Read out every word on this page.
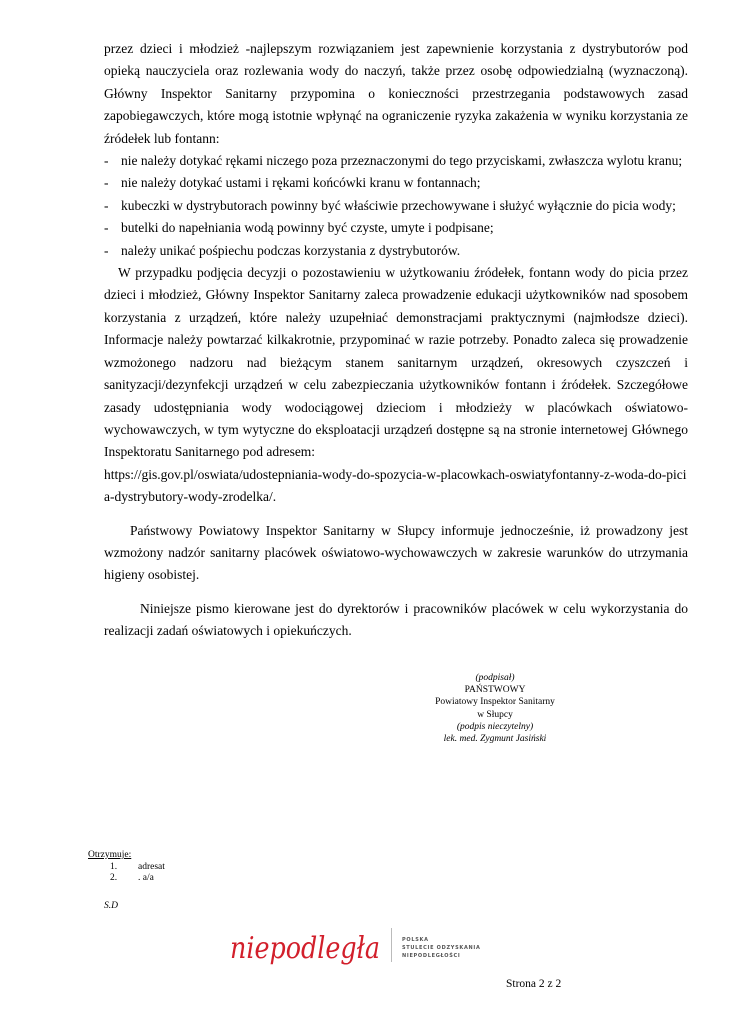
przez dzieci i młodzież -najlepszym rozwiązaniem jest zapewnienie korzystania z dystrybutorów pod opieką nauczyciela oraz rozlewania wody do naczyń, także przez osobę odpowiedzialną (wyznaczoną). Główny Inspektor Sanitarny przypomina o konieczności przestrzegania podstawowych zasad zapobiegawczych, które mogą istotnie wpłynąć na ograniczenie ryzyka zakażenia w wyniku korzystania ze źródełek lub fontann:

- nie należy dotykać rękami niczego poza przeznaczonymi do tego przyciskami, zwłaszcza wylotu kranu;
- nie należy dotykać ustami i rękami końcówki kranu w fontannach;
- kubeczki w dystrybutorach powinny być właściwie przechowywane i służyć wyłącznie do picia wody;
- butelki do napełniania wodą powinny być czyste, umyte i podpisane;
- należy unikać pośpiechu podczas korzystania z dystrybutorów.

W przypadku podjęcia decyzji o pozostawieniu w użytkowaniu źródełek, fontann wody do picia przez dzieci i młodzież, Główny Inspektor Sanitarny zaleca prowadzenie edukacji użytkowników nad sposobem korzystania z urządzeń, które należy uzupełniać demonstracjami praktycznymi (najmłodsze dzieci). Informacje należy powtarzać kilkakrotnie, przypominać w razie potrzeby. Ponadto zaleca się prowadzenie wzmożonego nadzoru nad bieżącym stanem sanitarnym urządzeń, okresowych czyszczeń i sanityzacji/dezynfekcji urządzeń w celu zabezpieczania użytkowników fontann i źródełek. Szczegółowe zasady udostępniania wody wodociągowej dzieciom i młodzieży w placówkach oświatowo-wychowawczych, w tym wytyczne do eksploatacji urządzeń dostępne są na stronie internetowej Głównego Inspektoratu Sanitarnego pod adresem:

https://gis.gov.pl/oswiata/udostepniania-wody-do-spozycia-w-placowkach-oswiatyfontanny-z-woda-do-picia-dystrybutory-wody-zrodelka/.

Państwowy Powiatowy Inspektor Sanitarny w Słupcy informuje jednocześnie, iż prowadzony jest wzmożony nadzór sanitarny placówek oświatowo-wychowawczych w zakresie warunków do utrzymania higieny osobistej.

Niniejsze pismo kierowane jest do dyrektorów i pracowników placówek w celu wykorzystania do realizacji zadań oświatowych i opiekuńczych.

(podpisał)
PAŃSTWOWY
Powiatowy Inspektor Sanitarny
w Słupcy
(podpis nieczytelny)
lek. med. Zygmunt Jasiński
Otrzymuje:
1. adresat
2. . a/a
S.D
niepodległa	POLSKA
STULECIE ODZYSKANIA
NIEPODLEGŁOŚCI
Strona 2 z 2
